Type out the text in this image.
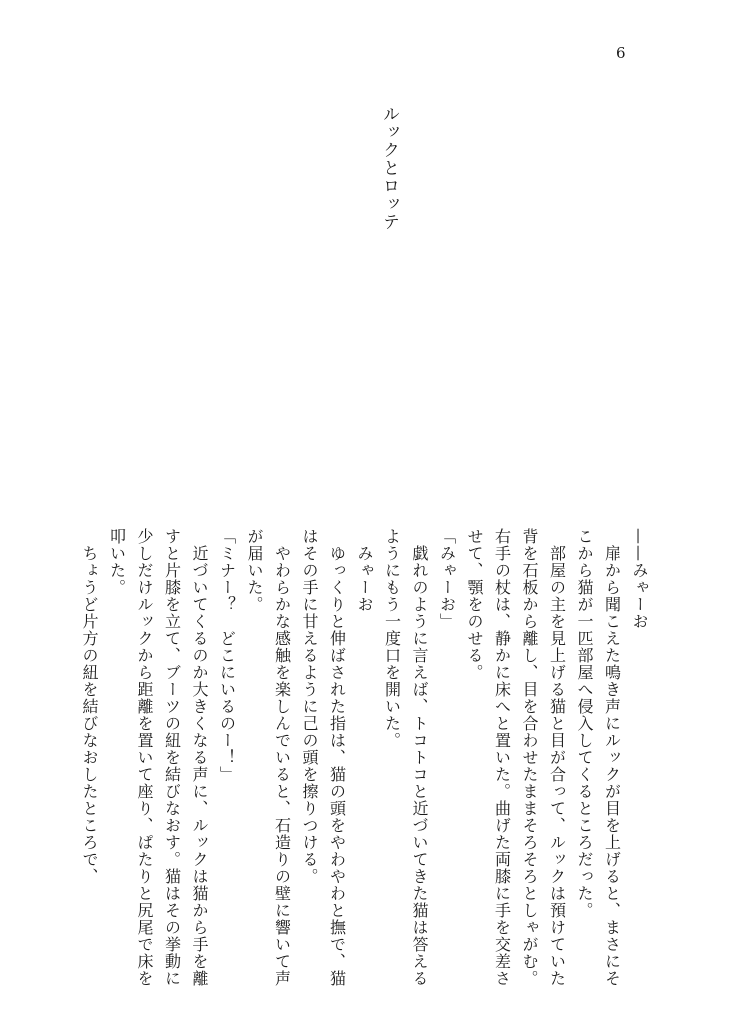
6
ルックとロッテ

——みゃーお

　扉から聞こえた鳴き声にルックが目を上げると、まさにそこから猫が一匹部屋へ侵入してくるところだった。

　部屋の主を見上げる猫と目が合って、ルックは預けていた背を石板から離し、目を合わせたままそろそろとしゃがむ。右手の杖は、静かに床へと置いた。曲げた両膝に手を交差させて、顎をのせる。

「みゃーお」

　戯れのように言えば、トコトコと近づいてきた猫は答えるようにもう一度口を開いた。

　みゃーお

　ゆっくりと伸ばされた指は、猫の頭をやわやわと撫で、猫はその手に甘えるように己の頭を擦りつける。

　やわらかな感触を楽しんでいると、石造りの壁に響いて声が届いた。

「ミナー？　どこにいるのー！」

　近づいてくるのか大きくなる声に、ルックは猫から手を離すと片膝を立て、ブーツの紐を結びなおす。猫はその挙動に少しだけルックから距離を置いて座り、ぱたりと尻尾で床を叩いた。

　ちょうど片方の紐を結びなおしたところで、
